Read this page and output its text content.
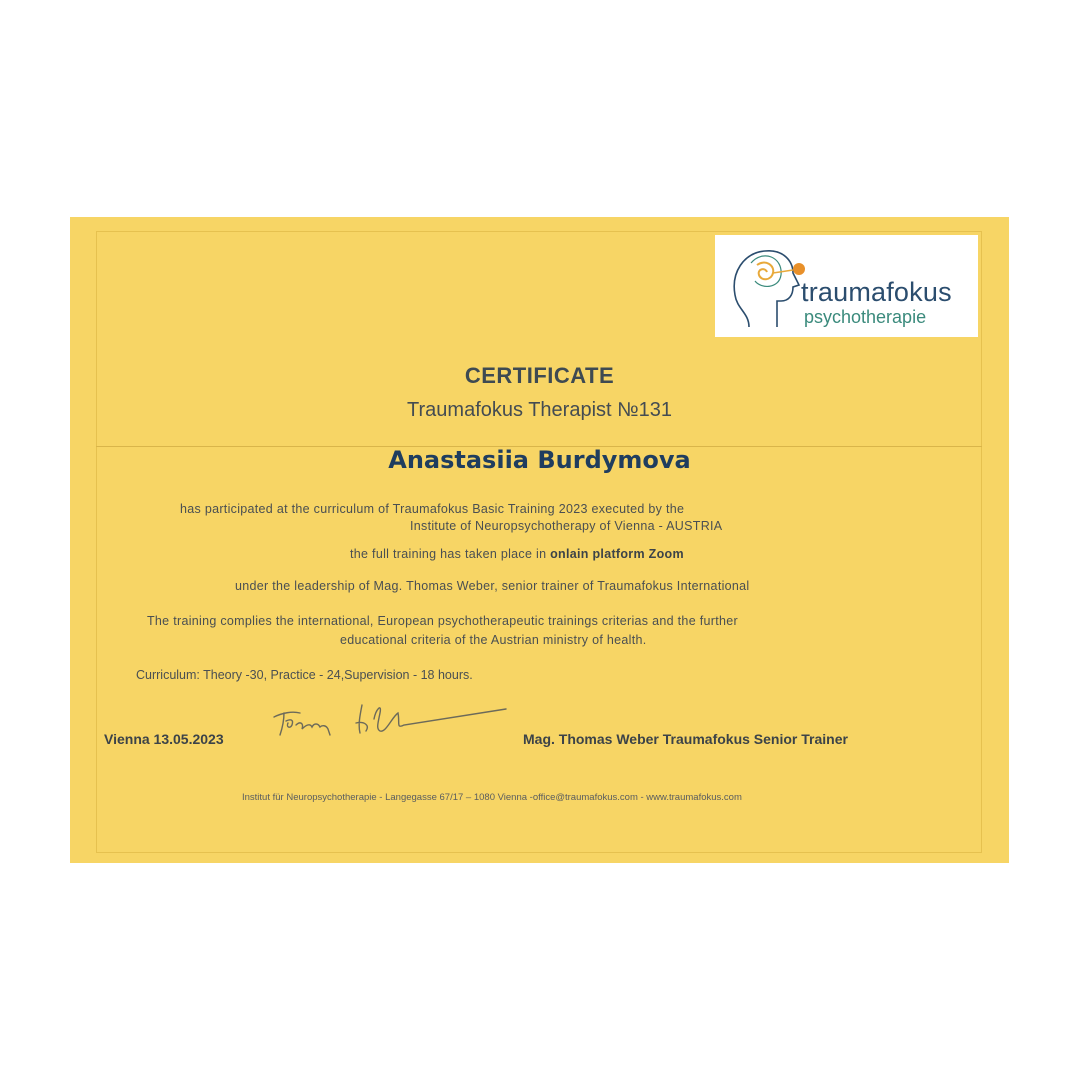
traumafokus
psychotherapie
CERTIFICATE
Traumafokus Therapist №131
Anastasiia Burdymova
has participated at the curriculum of Traumafokus Basic Training 2023 executed by the
Institute of Neuropsychotherapy of Vienna - AUSTRIA
the full training has taken place in onlain platform Zoom
under the leadership of Mag. Thomas Weber, senior trainer of Traumafokus International
The training complies the international, European psychotherapeutic trainings criterias and the further
educational criteria of the Austrian ministry of health.
Curriculum: Theory -30, Practice - 24,Supervision - 18 hours.
Vienna 13.05.2023	Mag. Thomas Weber Traumafokus Senior Trainer
Institut für Neuropsychotherapie - Langegasse 67/17 – 1080 Vienna -office@traumafokus.com - www.traumafokus.com
